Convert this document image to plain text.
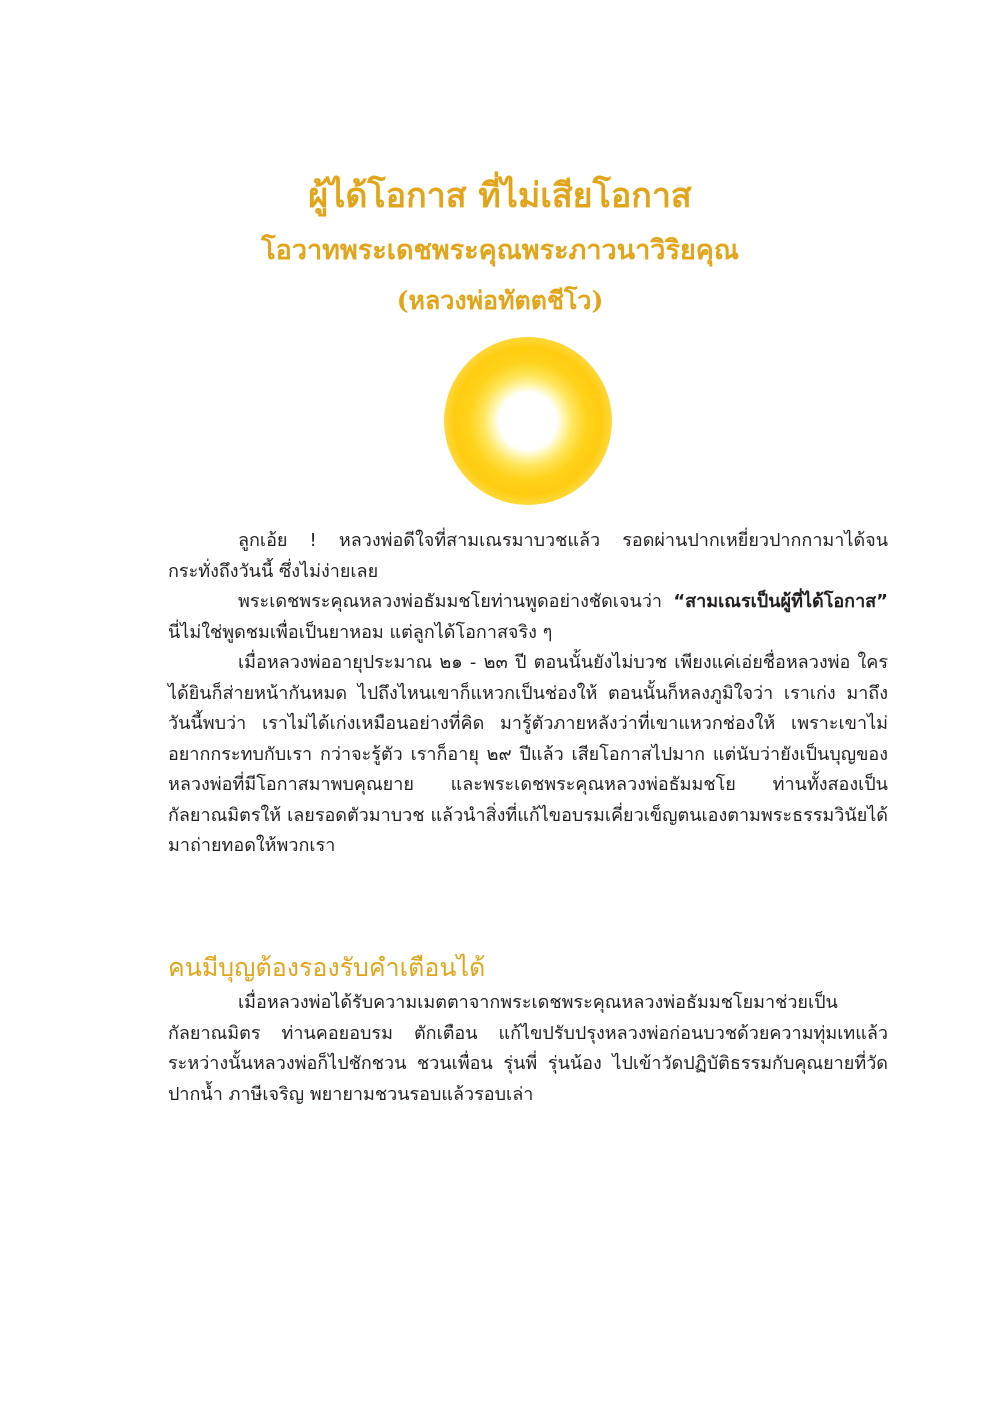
ผู้ได้โอกาส ที่ไม่เสียโอกาส
โอวาทพระเดชพระคุณพระภาวนาวิริยคุณ
(หลวงพ่อทัตตชีโว)

ลูกเอ้ย ! หลวงพ่อดีใจที่สามเณรมาบวชแล้ว รอดผ่านปากเหยี่ยวปากกามาได้จนกระทั่งถึงวันนี้ ซึ่งไม่ง่ายเลย

พระเดชพระคุณหลวงพ่อธัมมชโยท่านพูดอย่างชัดเจนว่า “สามเณรเป็นผู้ที่ได้โอกาส” นี่ไม่ใช่พูดชมเพื่อเป็นยาหอม แต่ลูกได้โอกาสจริง ๆ

เมื่อหลวงพ่ออายุประมาณ ๒๑ - ๒๓ ปี ตอนนั้นยังไม่บวช เพียงแค่เอ่ยชื่อหลวงพ่อ ใครได้ยินก็ส่ายหน้ากันหมด ไปถึงไหนเขาก็แหวกเป็นช่องให้ ตอนนั้นก็หลงภูมิใจว่า เราเก่ง มาถึงวันนี้พบว่า เราไม่ได้เก่งเหมือนอย่างที่คิด มารู้ตัวภายหลังว่าที่เขาแหวกช่องให้ เพราะเขาไม่อยากกระทบกับเรา กว่าจะรู้ตัว เราก็อายุ ๒๙ ปีแล้ว เสียโอกาสไปมาก แต่นับว่ายังเป็นบุญของหลวงพ่อที่มีโอกาสมาพบคุณยาย และพระเดชพระคุณหลวงพ่อธัมมชโย ท่านทั้งสองเป็นกัลยาณมิตรให้ เลยรอดตัวมาบวช แล้วนำสิ่งที่แก้ไขอบรมเคี่ยวเข็ญตนเองตามพระธรรมวินัยได้มาถ่ายทอดให้พวกเรา

คนมีบุญต้องรองรับคำเตือนได้

เมื่อหลวงพ่อได้รับความเมตตาจากพระเดชพระคุณหลวงพ่อธัมมชโยมาช่วยเป็นกัลยาณมิตร ท่านคอยอบรม ตักเตือน แก้ไขปรับปรุงหลวงพ่อก่อนบวชด้วยความทุ่มเทแล้วระหว่างนั้นหลวงพ่อก็ไปชักชวน ชวนเพื่อน รุ่นพี่ รุ่นน้อง ไปเข้าวัดปฏิบัติธรรมกับคุณยายที่วัดปากน้ำ ภาษีเจริญ พยายามชวนรอบแล้วรอบเล่า
